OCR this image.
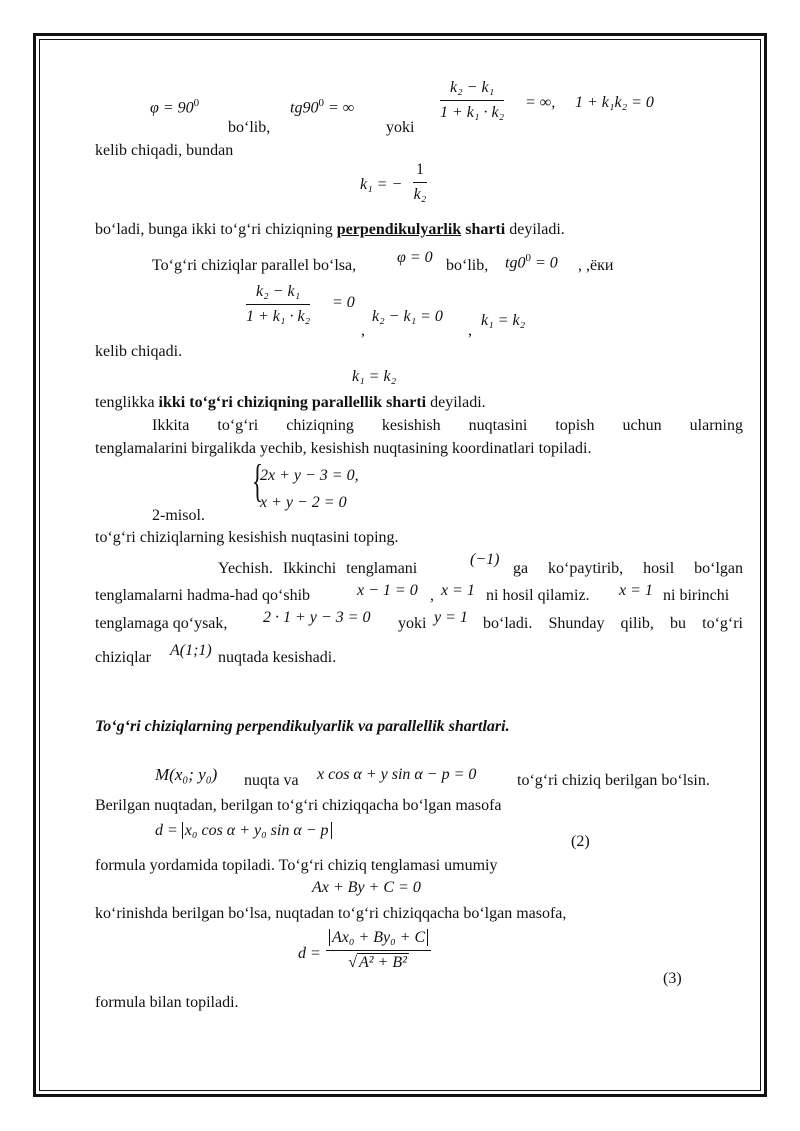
$\varphi = 90^0$
bo‘lib,
$tg90^0$ = ∞
yoki
$\frac{\text{k₂ − k₁}}{\text{1 + k₁ · k₂}}$ = ∞, 1 + k₁k₂ = 0
kelib chiqadi, bundan
k₁ = − $\frac{1}{\text{k₂}}$
bo‘ladi, bunga ikki to‘g‘ri chiziqning perpendikulyarlik sharti deyiladi.
To‘g‘ri chiziqlar parallel bo‘lsa,	φ = 0 bo‘lib, $tg0^0 = 0$ , ,ёки
$\frac{\text{k₂ − k₁}}{\text{1 + k₁ · k₂}} = 0$
,
k₂ − k₁ = 0
,
k₁ = k₂
kelib chiqadi.
k₁ = k₂
tenglikka ikki to‘g‘ri chiziqning parallellik sharti deyiladi.
Ikkita to‘g‘ri chiziqning kesishish nuqtasini topish uchun ularning
tenglamalarini birgalikda yechib, kesishish nuqtasining koordinatlari topiladi.
{
2x + y − 3 = 0,
x + y − 2 = 0
2-misol.
to‘g‘ri chiziqlarning kesishish nuqtasini toping.
Yechish. Ikkinchi tenglamani
(−1)
ga ko‘paytirib, hosil bo‘lgan
tenglamalarni hadma-had qo‘shib	x − 1 = 0 , x = 1 ni hosil qilamiz. x = 1 ni birinchi
tenglamaga qo‘ysak, 2 · 1 + y − 3 = 0 yoki y = 1 bo‘ladi. Shunday qilib, bu to‘g‘ri
chiziqlar A(1;1) nuqtada kesishadi.
To‘g‘ri chiziqlarning perpendikulyarlik va parallellik shartlari.
M(x₀; y₀) nuqta va x cos α + y sin α − p = 0	to‘g‘ri chiziq berilgan bo‘lsin.
Berilgan nuqtadan, berilgan to‘g‘ri chiziqqacha bo‘lgan masofa
d = x₀ cos α + y₀ sin α − p
(2)
formula yordamida topiladi. To‘g‘ri chiziq tenglamasi umumiy
Ax + By + C = 0
ko‘rinishda berilgan bo‘lsa, nuqtadan to‘g‘ri chiziqqacha bo‘lgan masofa,
$d = \frac{\text{Ax₀ + By₀ + C}}{\text{√ A² + B²}}$
(3)
formula bilan topiladi.
